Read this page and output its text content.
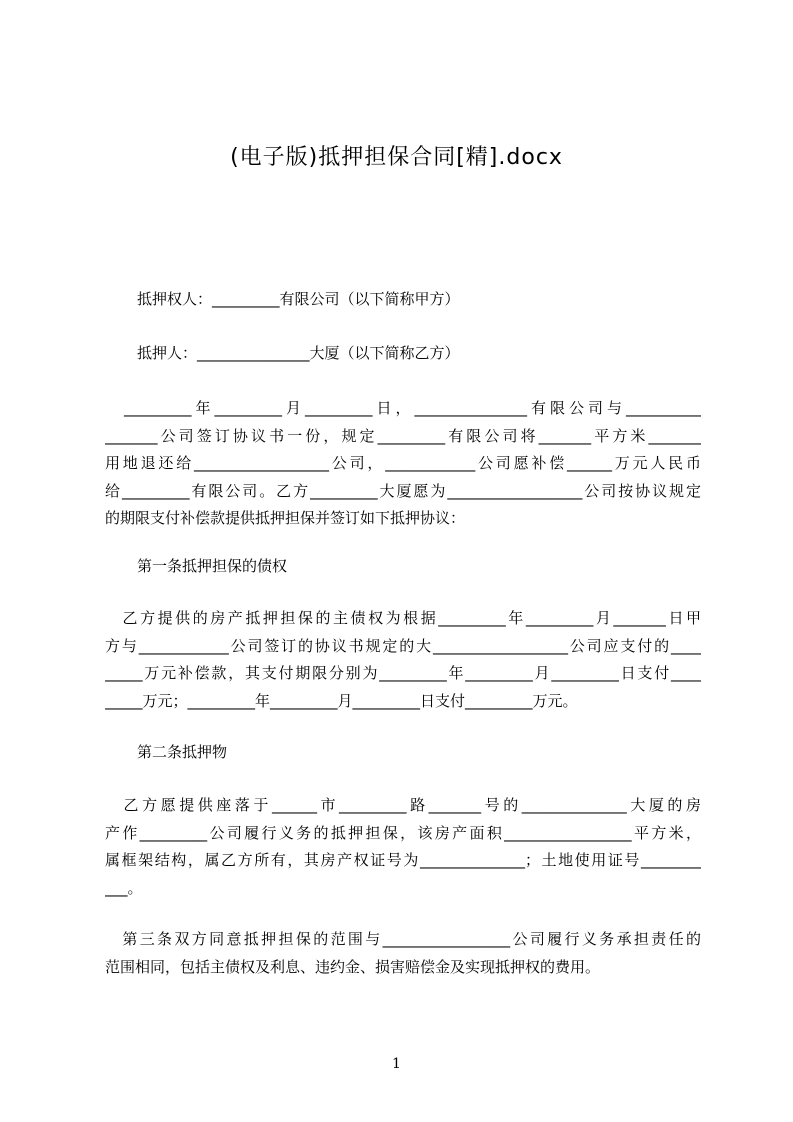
(电子版)抵押担保合同[精].docx
抵押权人：_________有限公司（以下简称甲方）
抵押人：_______________大厦（以下简称乙方）
　_________年_________月_________日，_______________有限公司与__________
_______公司签订协议书一份，规定_________有限公司将_______平方米_______
用地退还给__________________公司，____________公司愿补偿______万元人民币
给_________有限公司。乙方_________大厦愿为__________________公司按协议规定
的期限支付补偿款提供抵押担保并签订如下抵押协议：
第一条抵押担保的债权
　乙方提供的房产抵押担保的主债权为根据_________年_________月_______日甲
方与____________公司签订的协议书规定的大__________________公司应支付的____
_____万元补偿款，其支付期限分别为_________年_________月_________日支付____
_____万元；_________年_________月_________日支付_________万元。
第二条抵押物
　乙方愿提供座落于______市_________路_______号的______________大厦的房
产作_________公司履行义务的抵押担保，该房产面积_________________平方米，
属框架结构，属乙方所有，其房产权证号为______________；土地使用证号________
___。
　第三条双方同意抵押担保的范围与_________________公司履行义务承担责任的
范围相同，包括主债权及利息、违约金、损害赔偿金及实现抵押权的费用。
1
